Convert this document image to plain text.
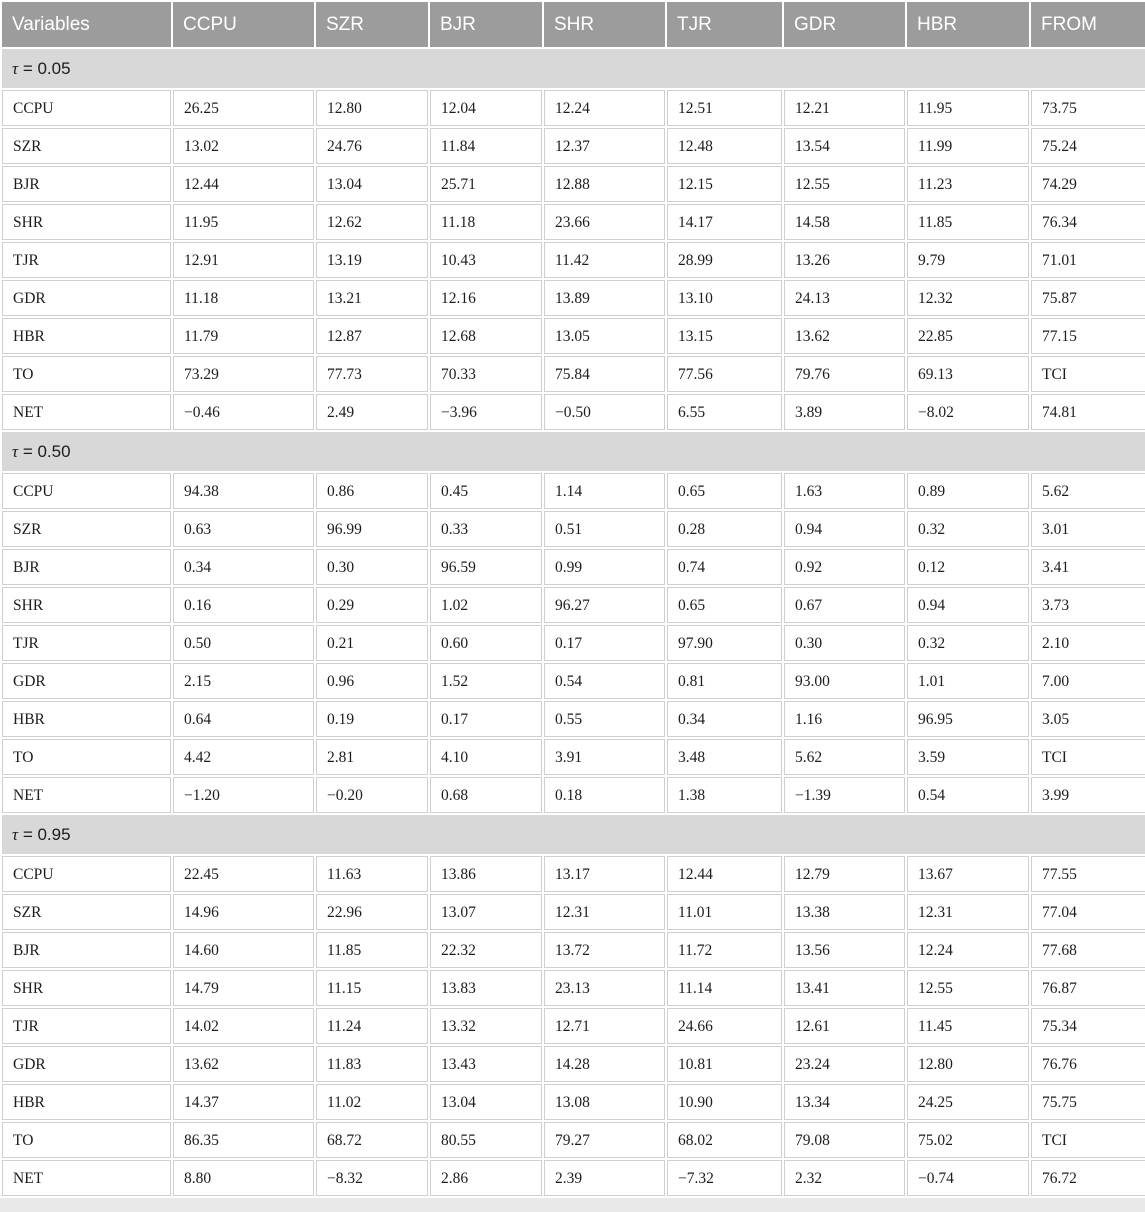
Variables	CCPU	SZR	BJR	SHR	TJR	GDR	HBR	FROM
τ = 0.05								
CCPU	26.25	12.80	12.04	12.24	12.51	12.21	11.95	73.75
SZR	13.02	24.76	11.84	12.37	12.48	13.54	11.99	75.24
BJR	12.44	13.04	25.71	12.88	12.15	12.55	11.23	74.29
SHR	11.95	12.62	11.18	23.66	14.17	14.58	11.85	76.34
TJR	12.91	13.19	10.43	11.42	28.99	13.26	9.79	71.01
GDR	11.18	13.21	12.16	13.89	13.10	24.13	12.32	75.87
HBR	11.79	12.87	12.68	13.05	13.15	13.62	22.85	77.15
TO	73.29	77.73	70.33	75.84	77.56	79.76	69.13	TCI
NET	−0.46	2.49	−3.96	−0.50	6.55	3.89	−8.02	74.81
τ = 0.50								
CCPU	94.38	0.86	0.45	1.14	0.65	1.63	0.89	5.62
SZR	0.63	96.99	0.33	0.51	0.28	0.94	0.32	3.01
BJR	0.34	0.30	96.59	0.99	0.74	0.92	0.12	3.41
SHR	0.16	0.29	1.02	96.27	0.65	0.67	0.94	3.73
TJR	0.50	0.21	0.60	0.17	97.90	0.30	0.32	2.10
GDR	2.15	0.96	1.52	0.54	0.81	93.00	1.01	7.00
HBR	0.64	0.19	0.17	0.55	0.34	1.16	96.95	3.05
TO	4.42	2.81	4.10	3.91	3.48	5.62	3.59	TCI
NET	−1.20	−0.20	0.68	0.18	1.38	−1.39	0.54	3.99
τ = 0.95								
CCPU	22.45	11.63	13.86	13.17	12.44	12.79	13.67	77.55
SZR	14.96	22.96	13.07	12.31	11.01	13.38	12.31	77.04
BJR	14.60	11.85	22.32	13.72	11.72	13.56	12.24	77.68
SHR	14.79	11.15	13.83	23.13	11.14	13.41	12.55	76.87
TJR	14.02	11.24	13.32	12.71	24.66	12.61	11.45	75.34
GDR	13.62	11.83	13.43	14.28	10.81	23.24	12.80	76.76
HBR	14.37	11.02	13.04	13.08	10.90	13.34	24.25	75.75
TO	86.35	68.72	80.55	79.27	68.02	79.08	75.02	TCI
NET	8.80	−8.32	2.86	2.39	−7.32	2.32	−0.74	76.72
